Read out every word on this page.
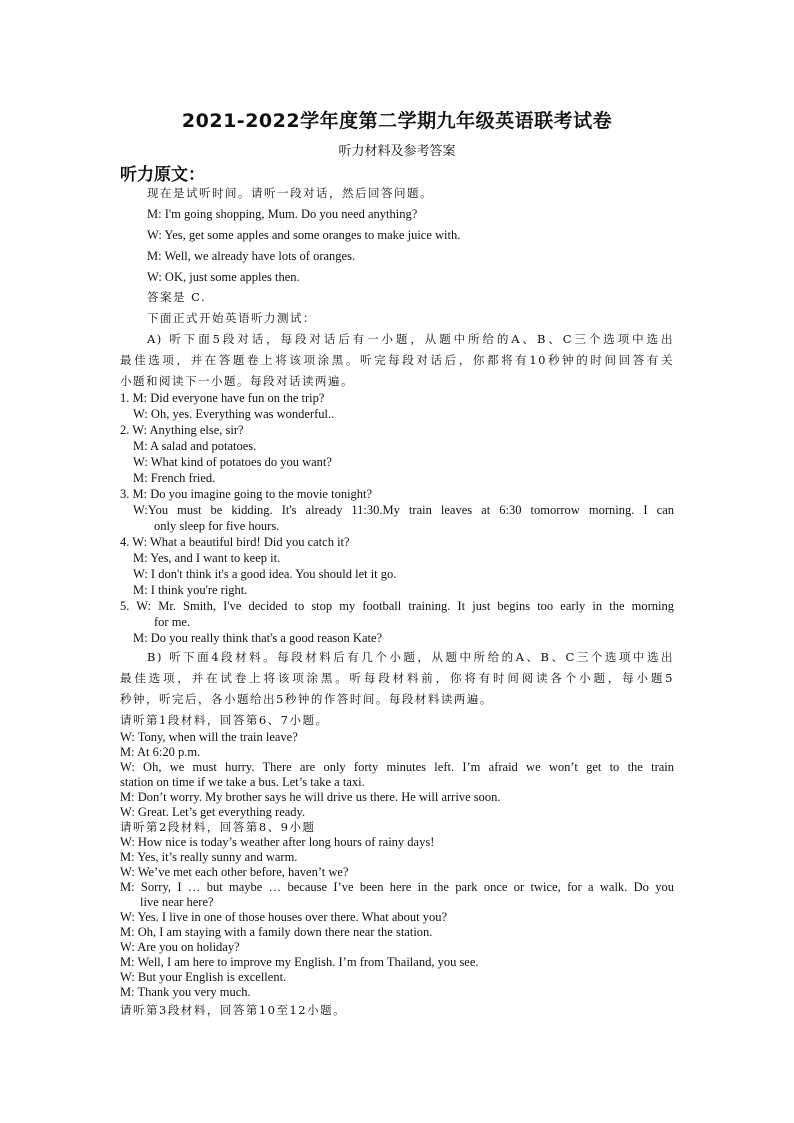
2021-2022学年度第二学期九年级英语联考试卷
听力材料及参考答案
听力原文：
现在是试听时间。请听一段对话，然后回答问题。
M: I'm going shopping, Mum. Do you need anything?
W: Yes, get some apples and some oranges to make juice with.
M: Well, we already have lots of oranges.
W: OK, just some apples then.
答案是 C.
下面正式开始英语听力测试：
A) 听下面5段对话，每段对话后有一小题，从题中所给的A、B、C三个选项中选出
最佳选项，并在答题卷上将该项涂黑。听完每段对话后，你都将有10秒钟的时间回答有关
小题和阅读下一小题。每段对话读两遍。
1. M: Did everyone have fun on the trip?
W: Oh, yes. Everything was wonderful..
2. W: Anything else, sir?
M: A salad and potatoes.
W: What kind of potatoes do you want?
M: French fried.
3. M: Do you imagine going to the movie tonight?
W:You must be kidding. It's already 11:30.My train leaves at 6:30 tomorrow morning. I can
only sleep for five hours.
4. W: What a beautiful bird! Did you catch it?
M: Yes, and I want to keep it.
W: I don't think it's a good idea. You should let it go.
M: I think you're right.
5. W: Mr. Smith, I've decided to stop my football training. It just begins too early in the morning
for me.
M: Do you really think that's a good reason Kate?
B) 听下面4段材料。每段材料后有几个小题，从题中所给的A、B、C三个选项中选出
最佳选项，并在试卷上将该项涂黑。听每段材料前，你将有时间阅读各个小题，每小题5
秒钟，听完后，各小题给出5秒钟的作答时间。每段材料读两遍。
请听第1段材料，回答第6、7小题。
W: Tony, when will the train leave?
M: At 6:20 p.m.
W: Oh, we must hurry. There are only forty minutes left. I’m afraid we won’t get to the train
station on time if we take a bus. Let’s take a taxi.
M: Don’t worry. My brother says he will drive us there. He will arrive soon.
W: Great. Let’s get everything ready.
请听第2段材料，回答第8、9小题
W: How nice is today’s weather after long hours of rainy days!
M: Yes, it’s really sunny and warm.
W: We’ve met each other before, haven’t we?
M: Sorry, I … but maybe … because I’ve been here in the park once or twice, for a walk. Do you
live near here?
W: Yes. I live in one of those houses over there. What about you?
M: Oh, I am staying with a family down there near the station.
W: Are you on holiday?
M: Well, I am here to improve my English. I’m from Thailand, you see.
W: But your English is excellent.
M: Thank you very much.
请听第3段材料，回答第10至12小题。
